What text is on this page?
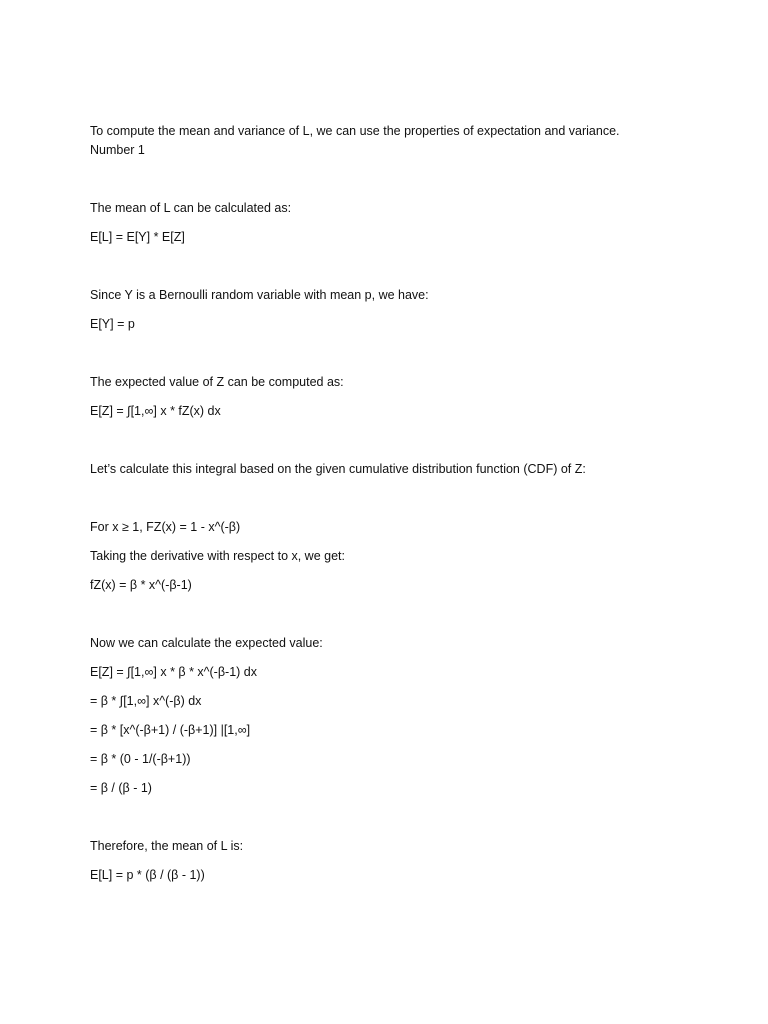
To compute the mean and variance of L, we can use the properties of expectation and variance.
Number 1
The mean of L can be calculated as:
E[L] = E[Y] * E[Z]
Since Y is a Bernoulli random variable with mean p, we have:
E[Y] = p
The expected value of Z can be computed as:
E[Z] = ∫[1,∞] x * fZ(x) dx
Let’s calculate this integral based on the given cumulative distribution function (CDF) of Z:
For x ≥ 1, FZ(x) = 1 - x^(-β)
Taking the derivative with respect to x, we get:
fZ(x) = β * x^(-β-1)
Now we can calculate the expected value:
E[Z] = ∫[1,∞] x * β * x^(-β-1) dx
= β * ∫[1,∞] x^(-β) dx
= β * [x^(-β+1) / (-β+1)] |[1,∞]
= β * (0 - 1/(-β+1))
= β / (β - 1)
Therefore, the mean of L is:
E[L] = p * (β / (β - 1))
